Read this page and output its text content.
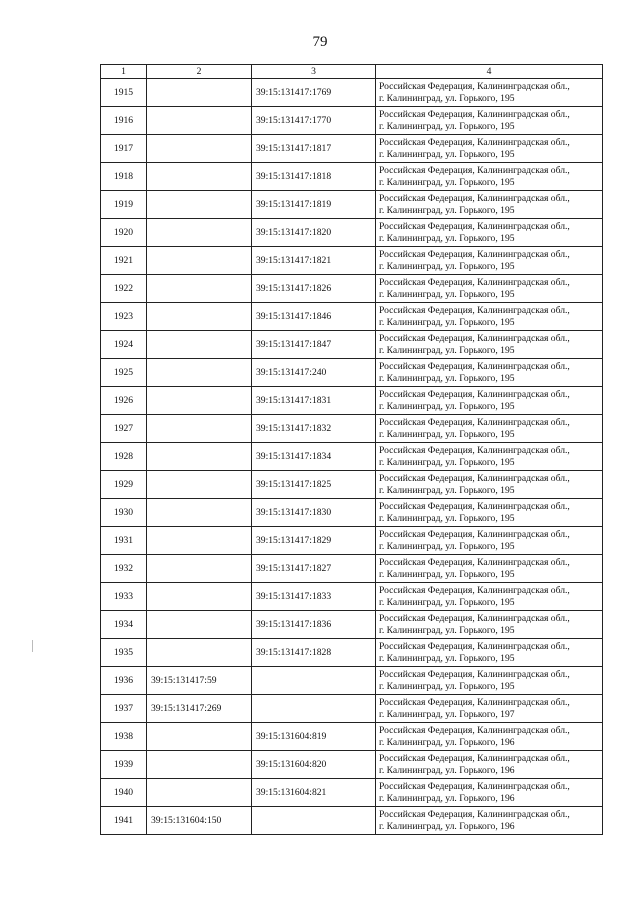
79
1	2	3	4
1915		39:15:131417:1769	Российская Федерация, Калининградская обл.,
г. Калининград, ул. Горького, 195

1916		39:15:131417:1770	Российская Федерация, Калининградская обл.,
г. Калининград, ул. Горького, 195

1917		39:15:131417:1817	Российская Федерация, Калининградская обл.,
г. Калининград, ул. Горького, 195

1918		39:15:131417:1818	Российская Федерация, Калининградская обл.,
г. Калининград, ул. Горького, 195

1919		39:15:131417:1819	Российская Федерация, Калининградская обл.,
г. Калининград, ул. Горького, 195

1920		39:15:131417:1820	Российская Федерация, Калининградская обл.,
г. Калининград, ул. Горького, 195

1921		39:15:131417:1821	Российская Федерация, Калининградская обл.,
г. Калининград, ул. Горького, 195

1922		39:15:131417:1826	Российская Федерация, Калининградская обл.,
г. Калининград, ул. Горького, 195

1923		39:15:131417:1846	Российская Федерация, Калининградская обл.,
г. Калининград, ул. Горького, 195

1924		39:15:131417:1847	Российская Федерация, Калининградская обл.,
г. Калининград, ул. Горького, 195

1925		39:15:131417:240	Российская Федерация, Калининградская обл.,
г. Калининград, ул. Горького, 195

1926		39:15:131417:1831	Российская Федерация, Калининградская обл.,
г. Калининград, ул. Горького, 195

1927		39:15:131417:1832	Российская Федерация, Калининградская обл.,
г. Калининград, ул. Горького, 195

1928		39:15:131417:1834	Российская Федерация, Калининградская обл.,
г. Калининград, ул. Горького, 195

1929		39:15:131417:1825	Российская Федерация, Калининградская обл.,
г. Калининград, ул. Горького, 195

1930		39:15:131417:1830	Российская Федерация, Калининградская обл.,
г. Калининград, ул. Горького, 195

1931		39:15:131417:1829	Российская Федерация, Калининградская обл.,
г. Калининград, ул. Горького, 195

1932		39:15:131417:1827	Российская Федерация, Калининградская обл.,
г. Калининград, ул. Горького, 195

1933		39:15:131417:1833	Российская Федерация, Калининградская обл.,
г. Калининград, ул. Горького, 195

1934		39:15:131417:1836	Российская Федерация, Калининградская обл.,
г. Калининград, ул. Горького, 195

1935		39:15:131417:1828	Российская Федерация, Калининградская обл.,
г. Калининград, ул. Горького, 195

1936	39:15:131417:59		Российская Федерация, Калининградская обл.,
г. Калининград, ул. Горького, 195

1937	39:15:131417:269		Российская Федерация, Калининградская обл.,
г. Калининград, ул. Горького, 197

1938		39:15:131604:819	Российская Федерация, Калининградская обл.,
г. Калининград, ул. Горького, 196

1939		39:15:131604:820	Российская Федерация, Калининградская обл.,
г. Калининград, ул. Горького, 196

1940		39:15:131604:821	Российская Федерация, Калининградская обл.,
г. Калининград, ул. Горького, 196

1941	39:15:131604:150		Российская Федерация, Калининградская обл.,
г. Калининград, ул. Горького, 196
